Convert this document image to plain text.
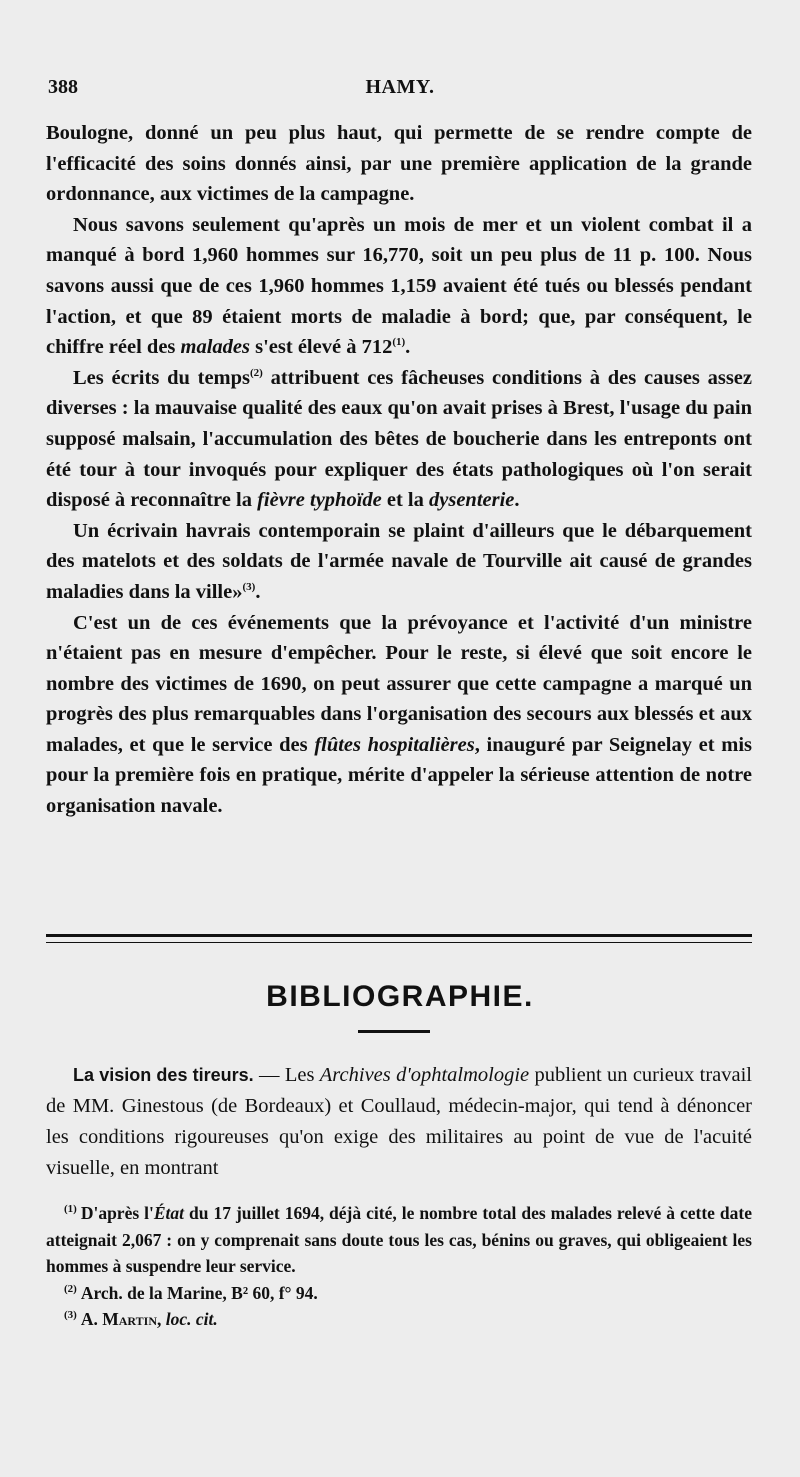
388	HAMY.

Boulogne, donné un peu plus haut, qui permette de se rendre compte de l'efficacité des soins donnés ainsi, par une première application de la grande ordonnance, aux victimes de la campagne.

Nous savons seulement qu'après un mois de mer et un violent combat il a manqué à bord 1,960 hommes sur 16,770, soit un peu plus de 11 p. 100. Nous savons aussi que de ces 1,960 hommes 1,159 avaient été tués ou blessés pendant l'action, et que 89 étaient morts de maladie à bord; que, par conséquent, le chiffre réel des malades s'est élevé à 712$^{(1)}$.

Les écrits du temps$^{(2)}$ attribuent ces fâcheuses conditions à des causes assez diverses : la mauvaise qualité des eaux qu'on avait prises à Brest, l'usage du pain supposé malsain, l'accumulation des bêtes de boucherie dans les entreponts ont été tour à tour invoqués pour expliquer des états pathologiques où l'on serait disposé à reconnaître la fièvre typhoïde et la dysenterie.

Un écrivain havrais contemporain se plaint d'ailleurs que le débarquement des matelots et des soldats de l'armée navale de Tourville ait causé de grandes maladies dans la ville»$^{(3)}$.

C'est un de ces événements que la prévoyance et l'activité d'un ministre n'étaient pas en mesure d'empêcher. Pour le reste, si élevé que soit encore le nombre des victimes de 1690, on peut assurer que cette campagne a marqué un progrès des plus remarquables dans l'organisation des secours aux blessés et aux malades, et que le service des flûtes hospitalières, inauguré par Seignelay et mis pour la première fois en pratique, mérite d'appeler la sérieuse attention de notre organisation navale.

BIBLIOGRAPHIE.

La vision des tireurs. — Les Archives d'ophtalmologie publient un curieux travail de MM. Ginestous (de Bordeaux) et Coullaud, médecin-major, qui tend à dénoncer les conditions rigoureuses qu'on exige des militaires au point de vue de l'acuité visuelle, en montrant

$^{(1)}$ D'après l'État du 17 juillet 1694, déjà cité, le nombre total des malades relevé à cette date atteignait 2,067 : on y comprenait sans doute tous les cas, bénins ou graves, qui obligeaient les hommes à suspendre leur service.

$^{(2)}$ Arch. de la Marine, B² 60, f° 94.

$^{(3)}$ A. Martin, loc. cit.
